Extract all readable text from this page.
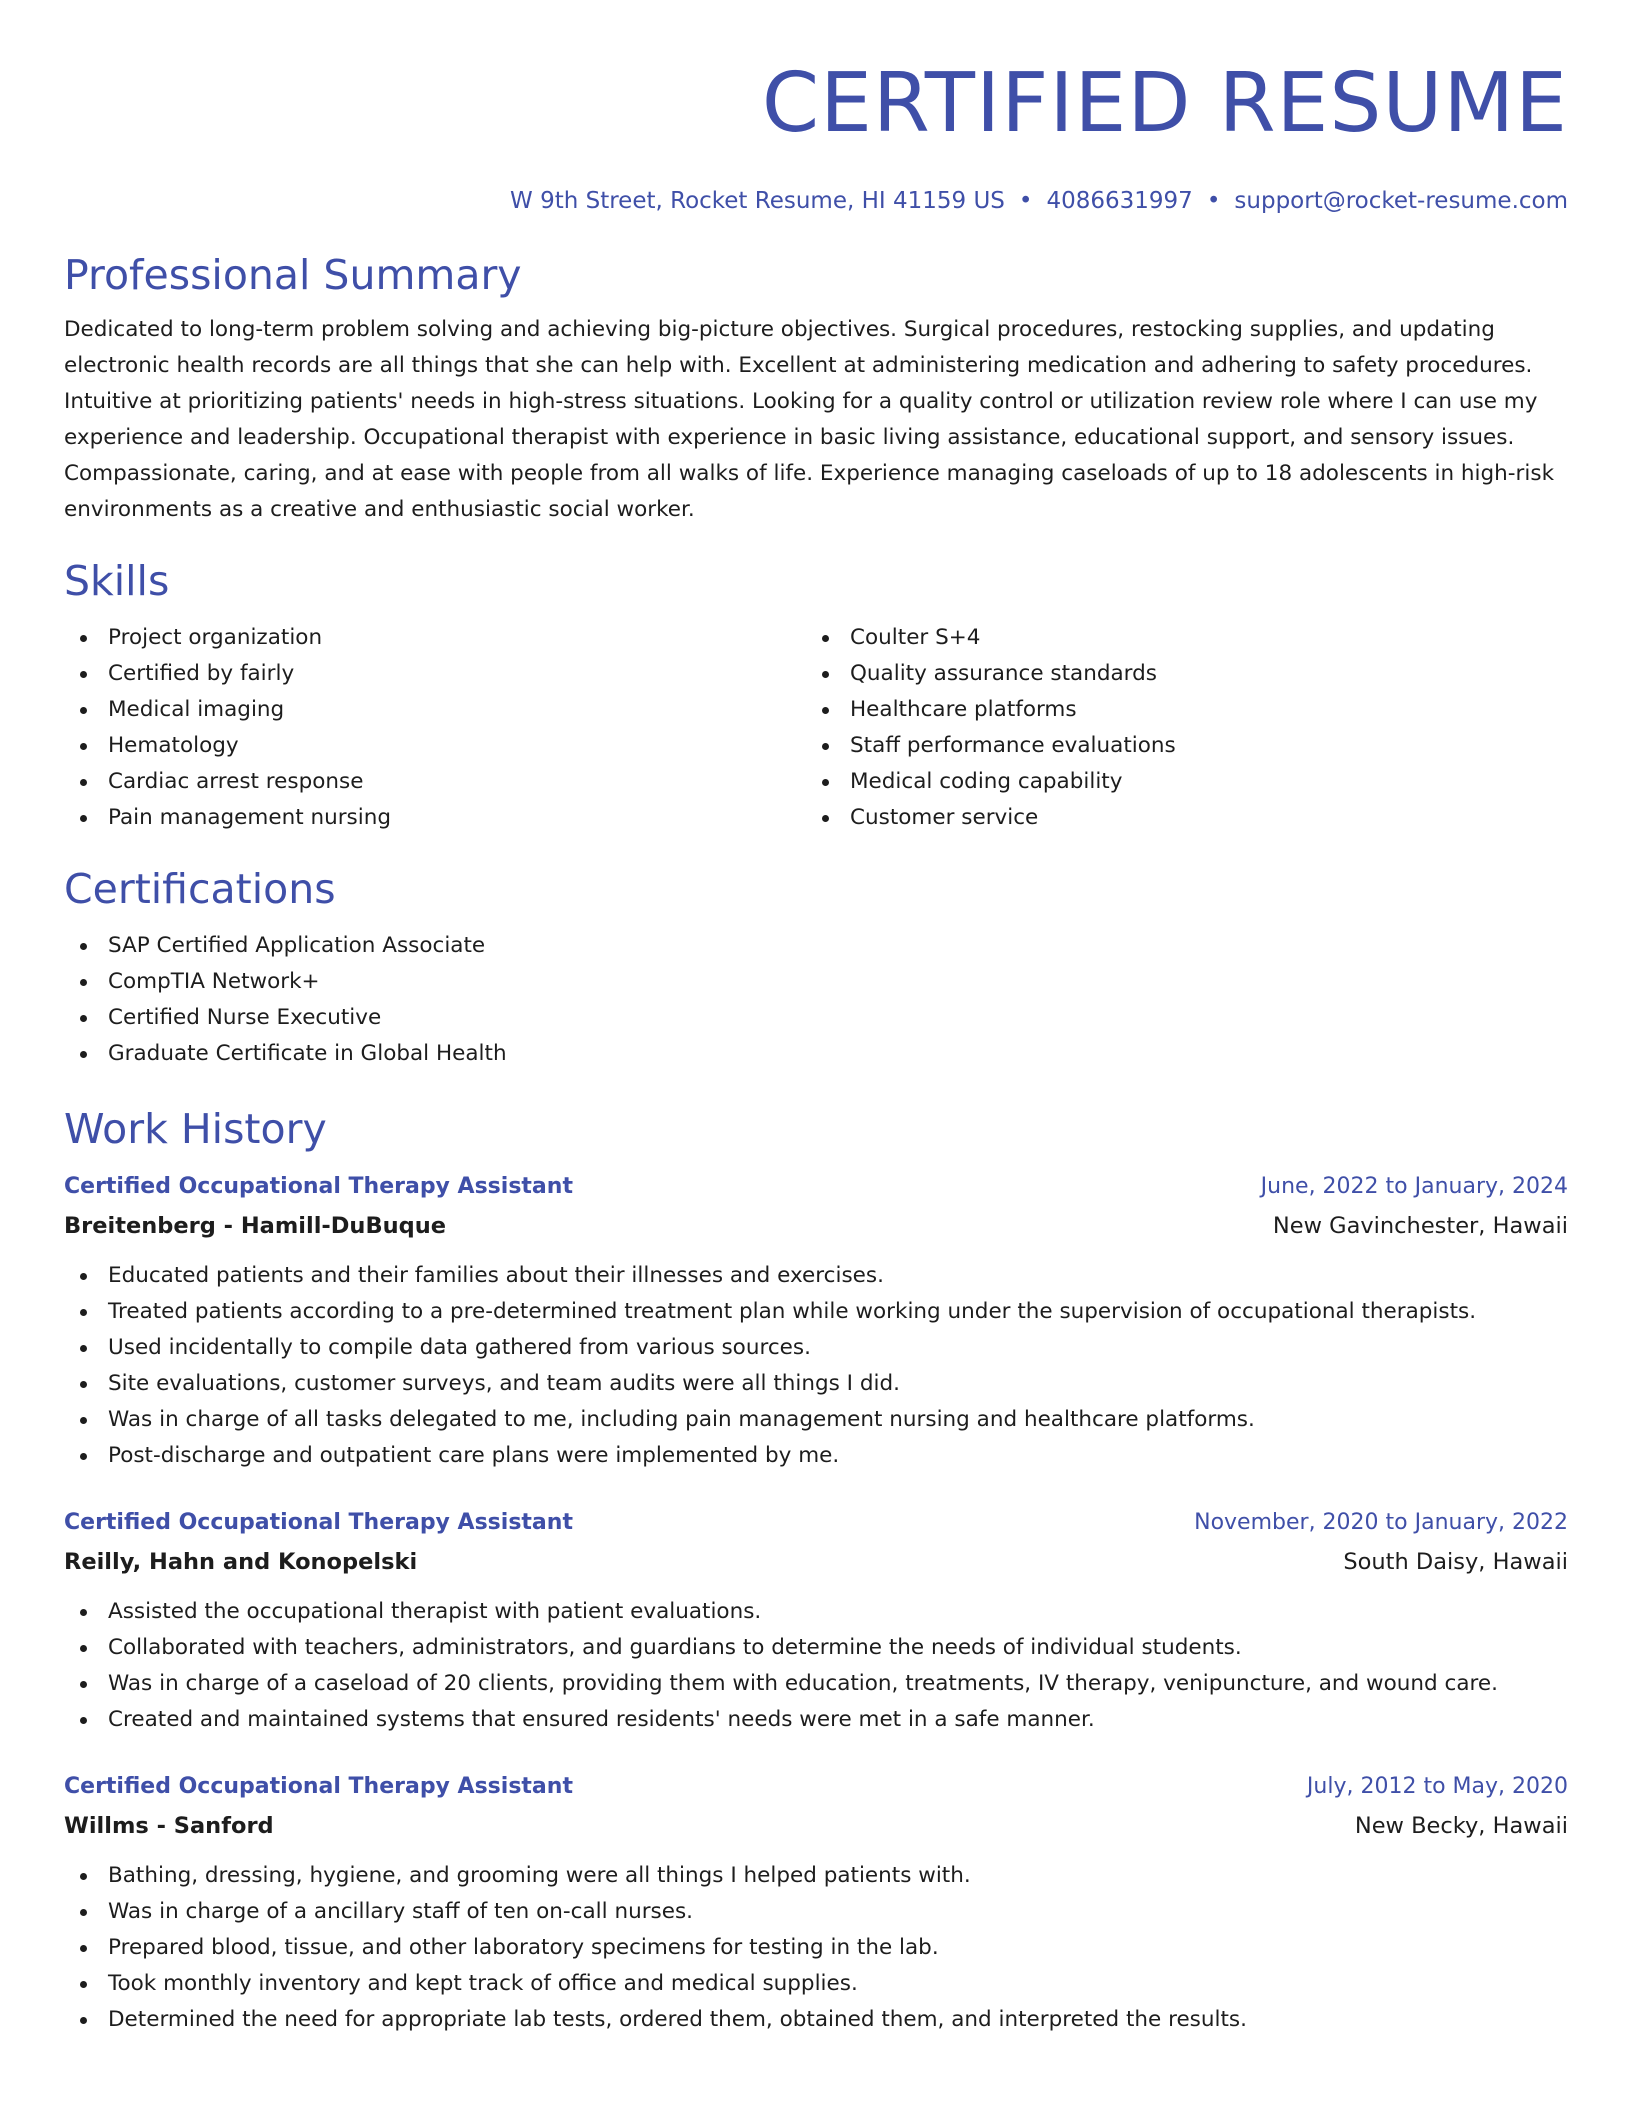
CERTIFIED RESUME
W 9th Street, Rocket Resume, HI 41159 US • 4086631997 • support@rocket-resume.com
Professional Summary
Dedicated to long-term problem solving and achieving big-picture objectives. Surgical procedures, restocking supplies, and updating electronic health records are all things that she can help with. Excellent at administering medication and adhering to safety procedures. Intuitive at prioritizing patients' needs in high-stress situations. Looking for a quality control or utilization review role where I can use my experience and leadership. Occupational therapist with experience in basic living assistance, educational support, and sensory issues. Compassionate, caring, and at ease with people from all walks of life. Experience managing caseloads of up to 18 adolescents in high-risk environments as a creative and enthusiastic social worker.
Skills
Project organization
Certified by fairly
Medical imaging
Hematology
Cardiac arrest response
Pain management nursing
Coulter S+4
Quality assurance standards
Healthcare platforms
Staff performance evaluations
Medical coding capability
Customer service
Certifications
SAP Certified Application Associate
CompTIA Network+
Certified Nurse Executive
Graduate Certificate in Global Health
Work History
Certified Occupational Therapy Assistant	June, 2022 to January, 2024
Breitenberg - Hamill-DuBuque	New Gavinchester, Hawaii
Educated patients and their families about their illnesses and exercises.
Treated patients according to a pre-determined treatment plan while working under the supervision of occupational therapists.
Used incidentally to compile data gathered from various sources.
Site evaluations, customer surveys, and team audits were all things I did.
Was in charge of all tasks delegated to me, including pain management nursing and healthcare platforms.
Post-discharge and outpatient care plans were implemented by me.
Certified Occupational Therapy Assistant	November, 2020 to January, 2022
Reilly, Hahn and Konopelski	South Daisy, Hawaii
Assisted the occupational therapist with patient evaluations.
Collaborated with teachers, administrators, and guardians to determine the needs of individual students.
Was in charge of a caseload of 20 clients, providing them with education, treatments, IV therapy, venipuncture, and wound care.
Created and maintained systems that ensured residents' needs were met in a safe manner.
Certified Occupational Therapy Assistant	July, 2012 to May, 2020
Willms - Sanford	New Becky, Hawaii
Bathing, dressing, hygiene, and grooming were all things I helped patients with.
Was in charge of a ancillary staff of ten on-call nurses.
Prepared blood, tissue, and other laboratory specimens for testing in the lab.
Took monthly inventory and kept track of office and medical supplies.
Determined the need for appropriate lab tests, ordered them, obtained them, and interpreted the results.
